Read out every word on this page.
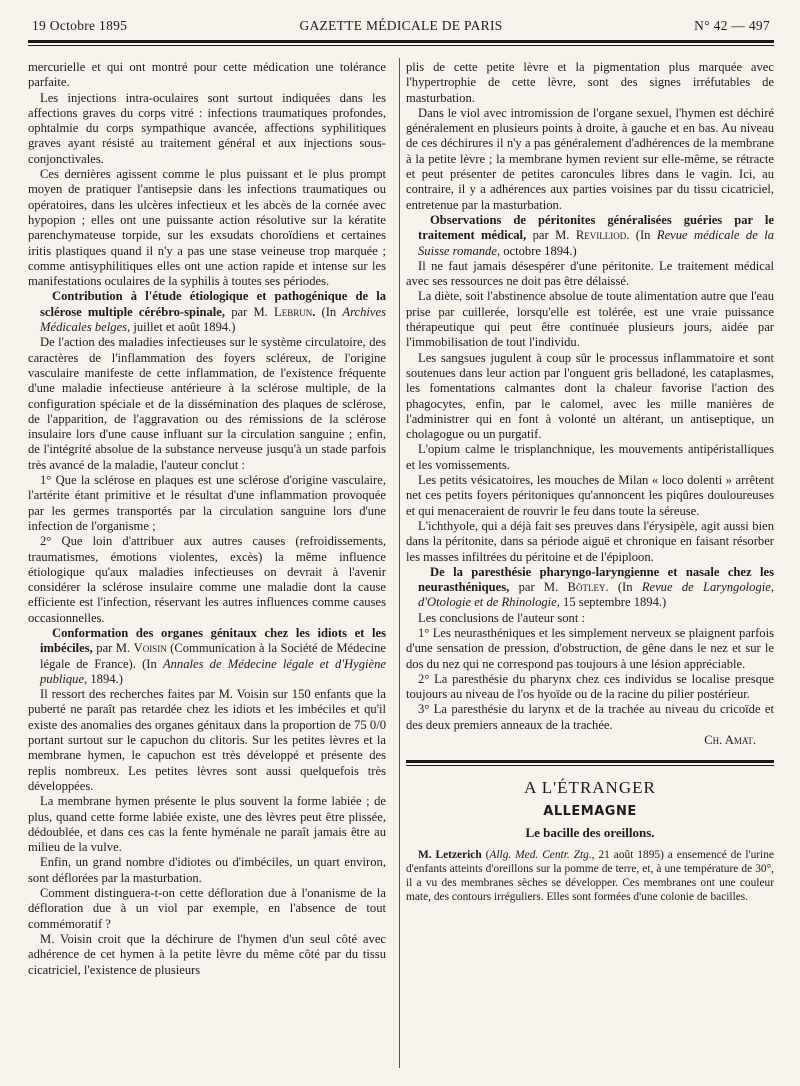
19 Octobre 1895	GAZETTE MÉDICALE DE PARIS	N° 42 — 497

mercurielle et qui ont montré pour cette médication une tolérance parfaite.

Les injections intra-oculaires sont surtout indiquées dans les affections graves du corps vitré : infections traumatiques profondes, ophtalmie du corps sympathique avancée, affections syphilitiques graves ayant résisté au traitement général et aux injections sous-conjonctivales.

Ces dernières agissent comme le plus puissant et le plus prompt moyen de pratiquer l'antisepsie dans les infections traumatiques ou opératoires, dans les ulcères infectieux et les abcès de la cornée avec hypopion ; elles ont une puissante action résolutive sur la kératite parenchymateuse torpide, sur les exsudats choroïdiens et certaines iritis plastiques quand il n'y a pas une stase veineuse trop marquée ; comme antisyphilitiques elles ont une action rapide et intense sur les manifestations oculaires de la syphilis à toutes ses périodes.

Contribution à l'étude étiologique et pathogénique de la sclérose multiple cérébro-spinale, par M. Lebrun. (In Archives Médicales belges, juillet et août 1894.)

De l'action des maladies infectieuses sur le système circulatoire, des caractères de l'inflammation des foyers scléreux, de l'origine vasculaire manifeste de cette inflammation, de l'existence fréquente d'une maladie infectieuse antérieure à la sclérose multiple, de la configuration spéciale et de la dissémination des plaques de sclérose, de l'apparition, de l'aggravation ou des rémissions de la sclérose insulaire lors d'une cause influant sur la circulation sanguine ; enfin, de l'intégrité absolue de la substance nerveuse jusqu'à un stade parfois très avancé de la maladie, l'auteur conclut :

1° Que la sclérose en plaques est une sclérose d'origine vasculaire, l'artérite étant primitive et le résultat d'une inflammation provoquée par les germes transportés par la circulation sanguine lors d'une infection de l'organisme ;

2° Que loin d'attribuer aux autres causes (refroidissements, traumatismes, émotions violentes, excès) la même influence étiologique qu'aux maladies infectieuses on devrait à l'avenir considérer la sclérose insulaire comme une maladie dont la cause efficiente est l'infection, réservant les autres influences comme causes occasionnelles.

Conformation des organes génitaux chez les idiots et les imbéciles, par M. Voisin (Communication à la Société de Médecine légale de France). (In Annales de Médecine légale et d'Hygiène publique, 1894.)

Il ressort des recherches faites par M. Voisin sur 150 enfants que la puberté ne paraît pas retardée chez les idiots et les imbéciles et qu'il existe des anomalies des organes génitaux dans la proportion de 75 0/0 portant surtout sur le capuchon du clitoris. Sur les petites lèvres et la membrane hymen, le capuchon est très développé et présente des replis nombreux. Les petites lèvres sont aussi quelquefois très développées.

La membrane hymen présente le plus souvent la forme labiée ; de plus, quand cette forme labiée existe, une des lèvres peut être plissée, dédoublée, et dans ces cas la fente hyménale ne paraît jamais être au milieu de la vulve.

Enfin, un grand nombre d'idiotes ou d'imbéciles, un quart environ, sont déflorées par la masturbation.

Comment distinguera-t-on cette défloration due à l'onanisme de la défloration due à un viol par exemple, en l'absence de tout commémoratif ?

M. Voisin croit que la déchirure de l'hymen d'un seul côté avec adhérence de cet hymen à la petite lèvre du même côté par du tissu cicatriciel, l'existence de plusieurs

plis de cette petite lèvre et la pigmentation plus marquée avec l'hypertrophie de cette lèvre, sont des signes irréfutables de masturbation.

Dans le viol avec intromission de l'organe sexuel, l'hymen est déchiré généralement en plusieurs points à droite, à gauche et en bas. Au niveau de ces déchirures il n'y a pas généralement d'adhérences de la membrane à la petite lèvre ; la membrane hymen revient sur elle-même, se rétracte et peut présenter de petites caroncules libres dans le vagin. Ici, au contraire, il y a adhérences aux parties voisines par du tissu cicatriciel, entretenue par la masturbation.

Observations de péritonites généralisées guéries par le traitement médical, par M. Revilliod. (In Revue médicale de la Suisse romande, octobre 1894.)

Il ne faut jamais désespérer d'une péritonite. Le traitement médical avec ses ressources ne doit pas être délaissé.

La diète, soit l'abstinence absolue de toute alimentation autre que l'eau prise par cuillerée, lorsqu'elle est tolérée, est une vraie puissance thérapeutique qui peut être continuée plusieurs jours, aidée par l'immobilisation de tout l'individu.

Les sangsues jugulent à coup sûr le processus inflammatoire et sont soutenues dans leur action par l'onguent gris belladoné, les cataplasmes, les fomentations calmantes dont la chaleur favorise l'action des phagocytes, enfin, par le calomel, avec les mille manières de l'administrer qui en font à volonté un altérant, un antiseptique, un cholagogue ou un purgatif.

L'opium calme le trisplanchnique, les mouvements antipéristalliques et les vomissements.

Les petits vésicatoires, les mouches de Milan « loco dolenti » arrêtent net ces petits foyers péritoniques qu'annoncent les piqûres douloureuses et qui menaceraient de rouvrir le feu dans toute la séreuse.

L'ichthyole, qui a déjà fait ses preuves dans l'érysipèle, agit aussi bien dans la péritonite, dans sa période aiguë et chronique en faisant résorber les masses infiltrées du péritoine et de l'épiploon.

De la paresthésie pharyngo-laryngienne et nasale chez les neurasthéniques, par M. Bötley. (In Revue de Laryngologie, d'Otologie et de Rhinologie, 15 septembre 1894.)

Les conclusions de l'auteur sont :

1° Les neurasthéniques et les simplement nerveux se plaignent parfois d'une sensation de pression, d'obstruction, de gêne dans le nez et sur le dos du nez qui ne correspond pas toujours à une lésion appréciable.

2° La paresthésie du pharynx chez ces individus se localise presque toujours au niveau de l'os hyoïde ou de la racine du pilier postérieur.

3° La paresthésie du larynx et de la trachée au niveau du cricoïde et des deux premiers anneaux de la trachée.

Ch. Amat.

A L'ÉTRANGER
ALLEMAGNE
Le bacille des oreillons.

M. Letzerich (Allg. Med. Centr. Ztg., 21 août 1895) a ensemencé de l'urine d'enfants atteints d'oreillons sur la pomme de terre, et, à une température de 30°, il a vu des membranes sèches se développer. Ces membranes ont une couleur mate, des contours irréguliers. Elles sont formées d'une colonie de bacilles.
